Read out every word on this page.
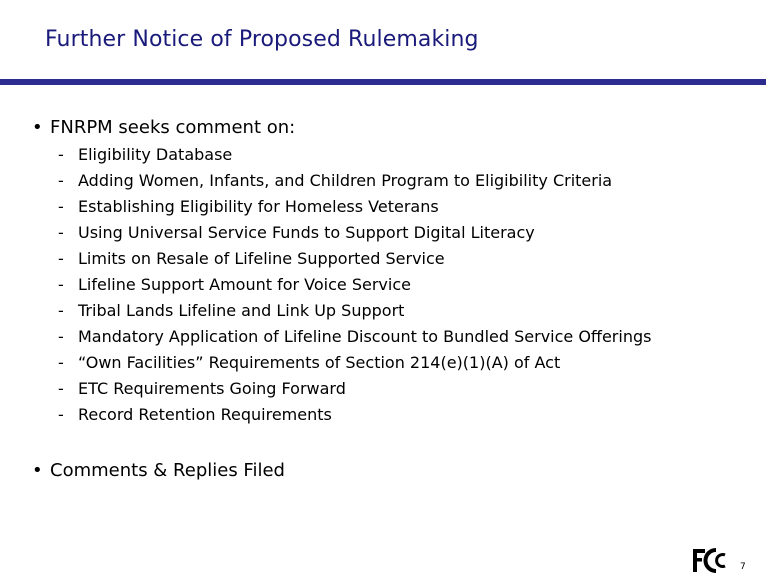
Further Notice of Proposed Rulemaking
• FNRPM seeks comment on:
- Eligibility Database
- Adding Women, Infants, and Children Program to Eligibility Criteria
- Establishing Eligibility for Homeless Veterans
- Using Universal Service Funds to Support Digital Literacy
- Limits on Resale of Lifeline Supported Service
- Lifeline Support Amount for Voice Service
- Tribal Lands Lifeline and Link Up Support
- Mandatory Application of Lifeline Discount to Bundled Service Offerings
- “Own Facilities” Requirements of Section 214(e)(1)(A) of Act
- ETC Requirements Going Forward
- Record Retention Requirements
• Comments & Replies Filed
7
